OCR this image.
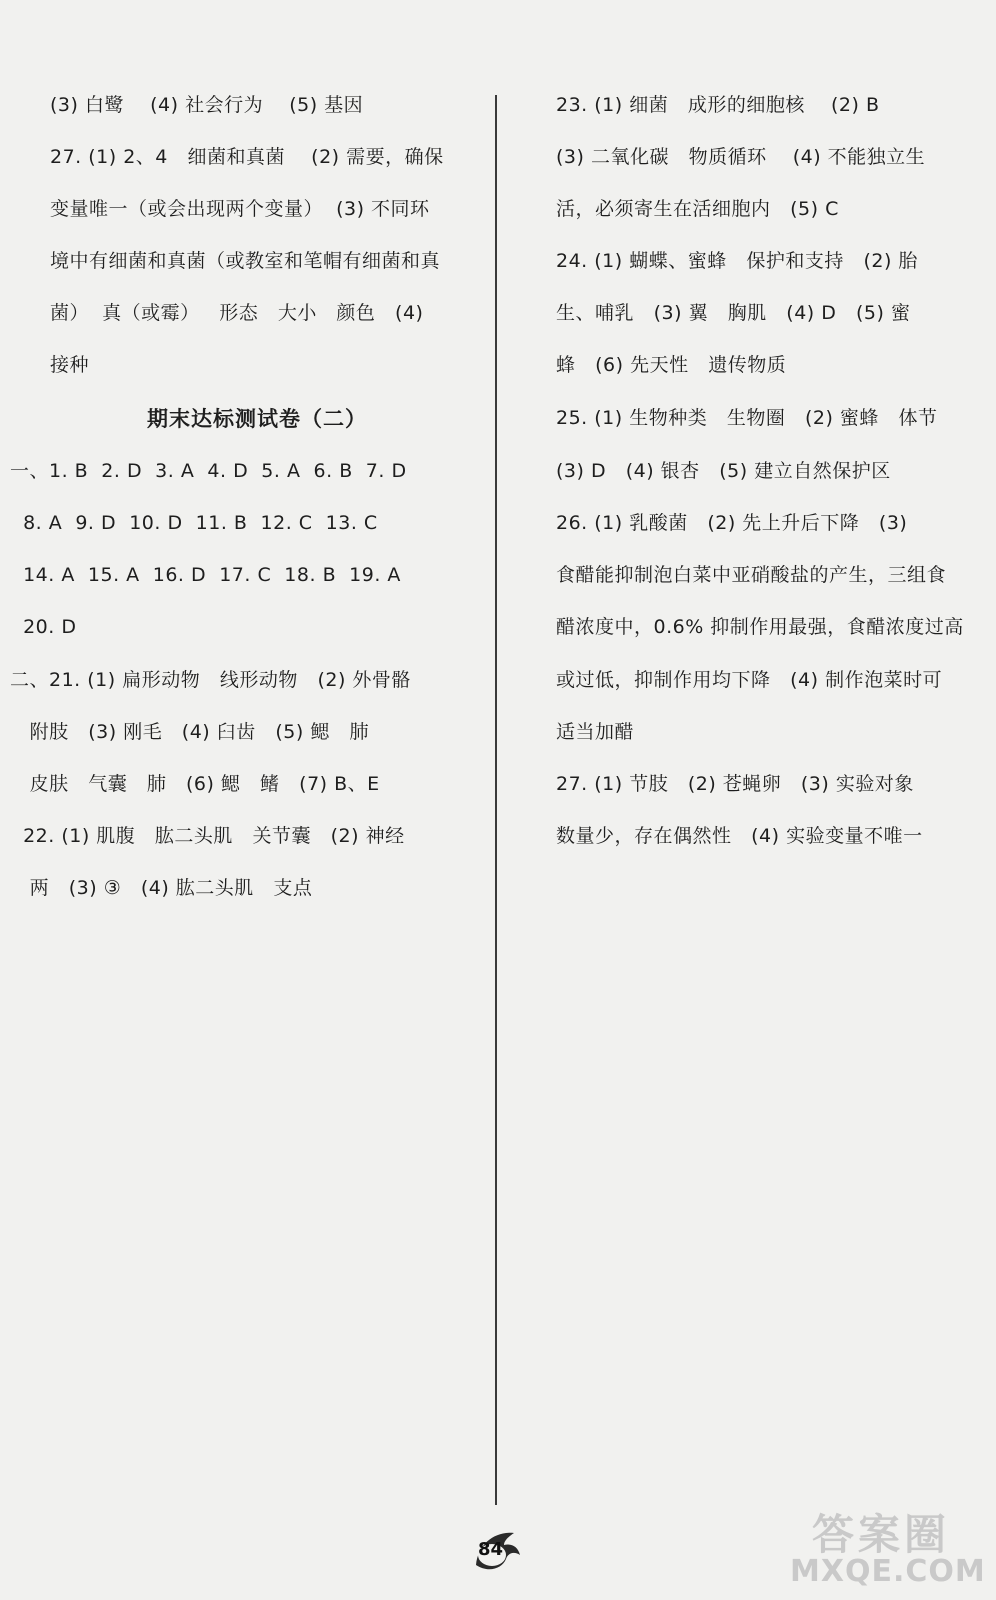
(3) 白鹭    (4) 社会行为    (5) 基因
27. (1) 2、4   细菌和真菌    (2) 需要，确保
变量唯一（或会出现两个变量）  (3) 不同环
境中有细菌和真菌（或教室和笔帽有细菌和真
菌）  真（或霉）   形态   大小   颜色   (4)
接种
期末达标测试卷（二）
一、1. B  2. D  3. A  4. D  5. A  6. B  7. D
8. A  9. D  10. D  11. B  12. C  13. C
14. A  15. A  16. D  17. C  18. B  19. A
20. D
二、21. (1) 扁形动物   线形动物   (2) 外骨骼
附肢   (3) 刚毛   (4) 臼齿   (5) 鳃   肺
皮肤   气囊   肺   (6) 鳃   鳍   (7) B、E
22. (1) 肌腹   肱二头肌   关节囊   (2) 神经
两   (3) ③   (4) 肱二头肌   支点
23. (1) 细菌   成形的细胞核    (2) B
(3) 二氧化碳   物质循环    (4) 不能独立生
活，必须寄生在活细胞内   (5) C
24. (1) 蝴蝶、蜜蜂   保护和支持   (2) 胎
生、哺乳   (3) 翼   胸肌   (4) D   (5) 蜜
蜂   (6) 先天性   遗传物质
25. (1) 生物种类   生物圈   (2) 蜜蜂   体节
(3) D   (4) 银杏   (5) 建立自然保护区
26. (1) 乳酸菌   (2) 先上升后下降   (3)
食醋能抑制泡白菜中亚硝酸盐的产生，三组食
醋浓度中，0.6% 抑制作用最强，食醋浓度过高
或过低，抑制作用均下降   (4) 制作泡菜时可
适当加醋
27. (1) 节肢   (2) 苍蝇卵   (3) 实验对象
数量少，存在偶然性   (4) 实验变量不唯一
84	答案圈
MXQE.COM
